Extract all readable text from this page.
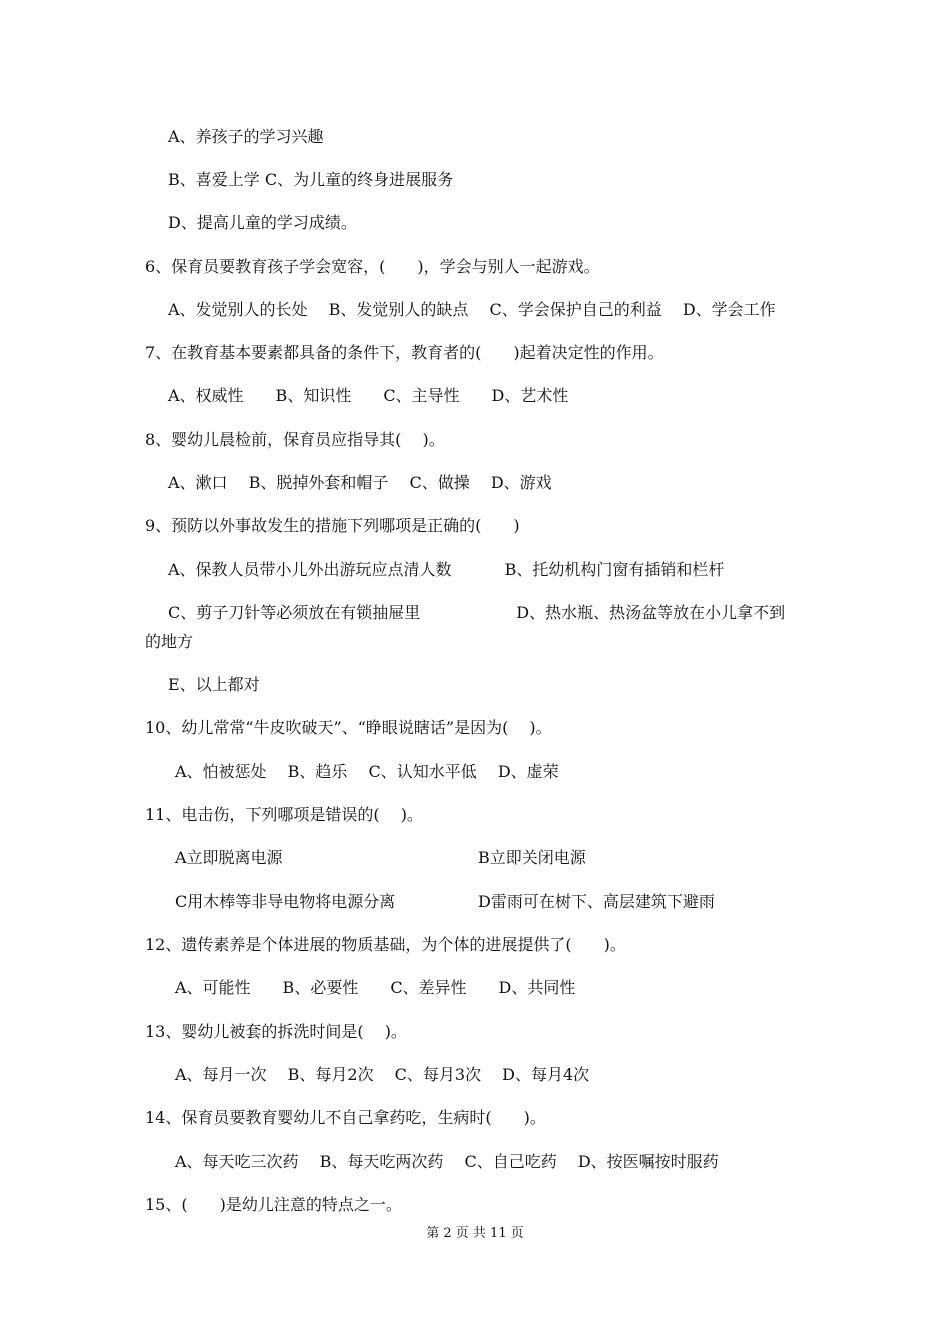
A、养孩子的学习兴趣
B、喜爱上学 C、为儿童的终身进展服务
D、提高儿童的学习成绩。
6、保育员要教育孩子学会宽容，(　　)，学会与别人一起游戏。
A、发觉别人的长处　 B、发觉别人的缺点　 C、学会保护自己的利益　 D、学会工作
7、在教育基本要素都具备的条件下，教育者的(　　)起着决定性的作用。
A、权威性　　B、知识性　　C、主导性　　D、艺术性
8、婴幼儿晨检前，保育员应指导其(　 )。
A、漱口　 B、脱掉外套和帽子　 C、做操　 D、游戏
9、预防以外事故发生的措施下列哪项是正确的(　　)
A、保教人员带小儿外出游玩应点清人数　　　 B、托幼机构门窗有插销和栏杆
C、剪子刀针等必须放在有锁抽屉里　　　　　　D、热水瓶、热汤盆等放在小儿拿不到
的地方
E、以上都对
10、幼儿常常“牛皮吹破天”、“睁眼说瞎话”是因为(　 )。
A、怕被惩处　 B、趋乐　 C、认知水平低　 D、虚荣
11、电击伤，下列哪项是错误的(　 )。
A立即脱离电源	B立即关闭电源
C用木棒等非导电物将电源分离	D雷雨可在树下、高层建筑下避雨
12、遗传素养是个体进展的物质基础，为个体的进展提供了(　　)。
A、可能性　　B、必要性　　C、差异性　　D、共同性
13、婴幼儿被套的拆洗时间是(　 )。
A、每月一次　 B、每月2次　 C、每月3次　 D、每月4次
14、保育员要教育婴幼儿不自己拿药吃，生病时(　　)。
A、每天吃三次药　 B、每天吃两次药　 C、自己吃药　 D、按医嘱按时服药
15、(　　)是幼儿注意的特点之一。
第 2 页 共 11 页
